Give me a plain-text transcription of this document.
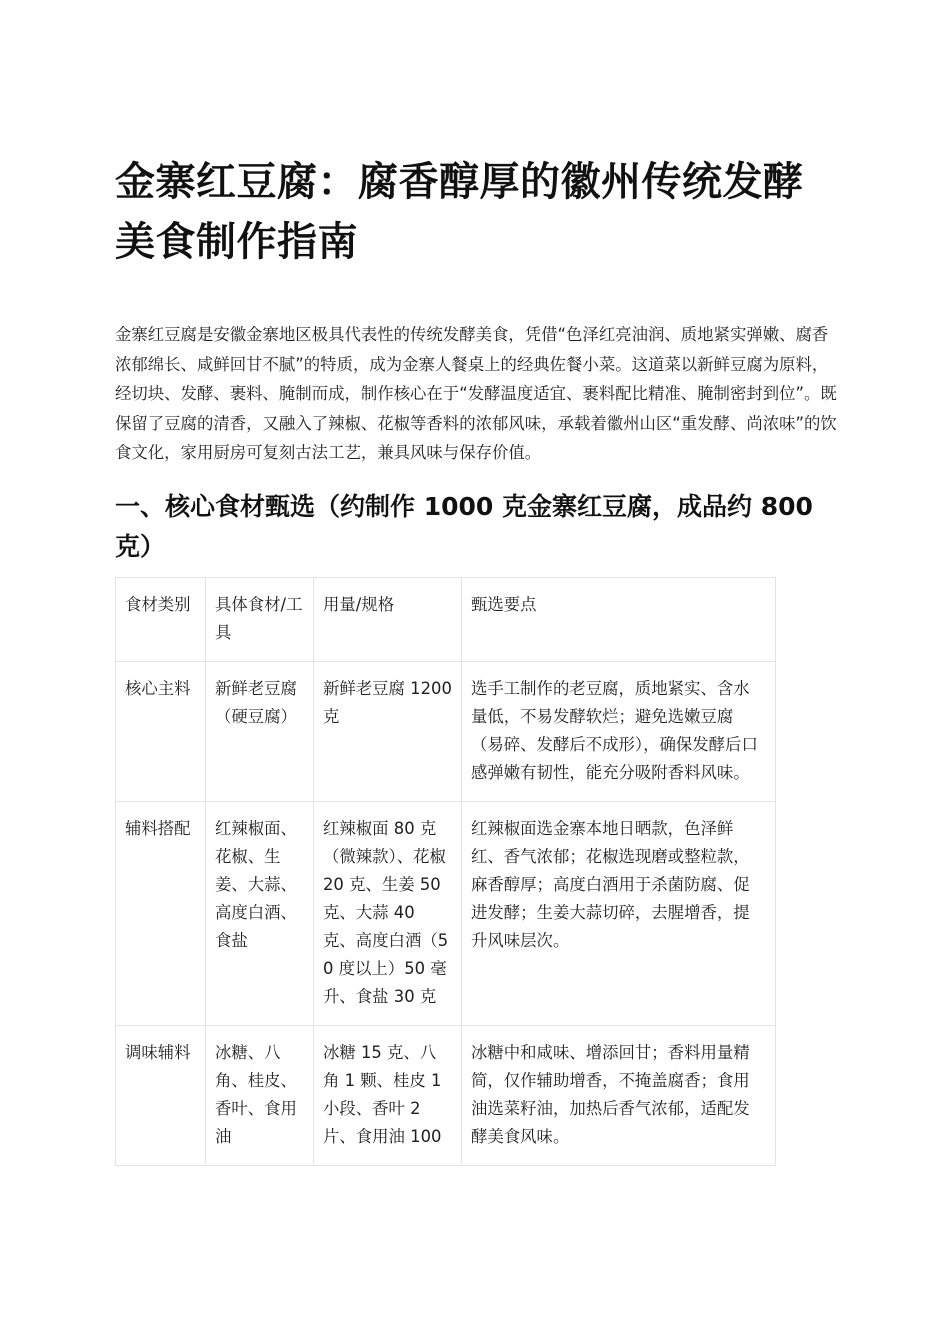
金寨红豆腐：腐香醇厚的徽州传统发酵美食制作指南

金寨红豆腐是安徽金寨地区极具代表性的传统发酵美食，凭借“色泽红亮油润、质地紧实弹嫩、腐香浓郁绵长、咸鲜回甘不腻”的特质，成为金寨人餐桌上的经典佐餐小菜。这道菜以新鲜豆腐为原料，经切块、发酵、裹料、腌制而成，制作核心在于“发酵温度适宜、裹料配比精准、腌制密封到位”。既保留了豆腐的清香，又融入了辣椒、花椒等香料的浓郁风味，承载着徽州山区“重发酵、尚浓味”的饮食文化，家用厨房可复刻古法工艺，兼具风味与保存价值。

一、核心食材甄选（约制作 1000 克金寨红豆腐，成品约 800 克）
食材类别	具体食材/工具	用量/规格	甄选要点
核心主料	新鲜老豆腐（硬豆腐）	新鲜老豆腐 1200 克	选手工制作的老豆腐，质地紧实、含水量低，不易发酵软烂；避免选嫩豆腐（易碎、发酵后不成形），确保发酵后口感弹嫩有韧性，能充分吸附香料风味。
辅料搭配	红辣椒面、花椒、生姜、大蒜、高度白酒、食盐	红辣椒面 80 克（微辣款）、花椒 20 克、生姜 50 克、大蒜 40 克、高度白酒（50 度以上）50 毫升、食盐 30 克	红辣椒面选金寨本地日晒款，色泽鲜红、香气浓郁；花椒选现磨或整粒款，麻香醇厚；高度白酒用于杀菌防腐、促进发酵；生姜大蒜切碎，去腥增香，提升风味层次。
调味辅料	冰糖、八角、桂皮、香叶、食用油	冰糖 15 克、八角 1 颗、桂皮 1 小段、香叶 2 片、食用油 100	冰糖中和咸味、增添回甘；香料用量精简，仅作辅助增香，不掩盖腐香；食用油选菜籽油，加热后香气浓郁，适配发酵美食风味。
